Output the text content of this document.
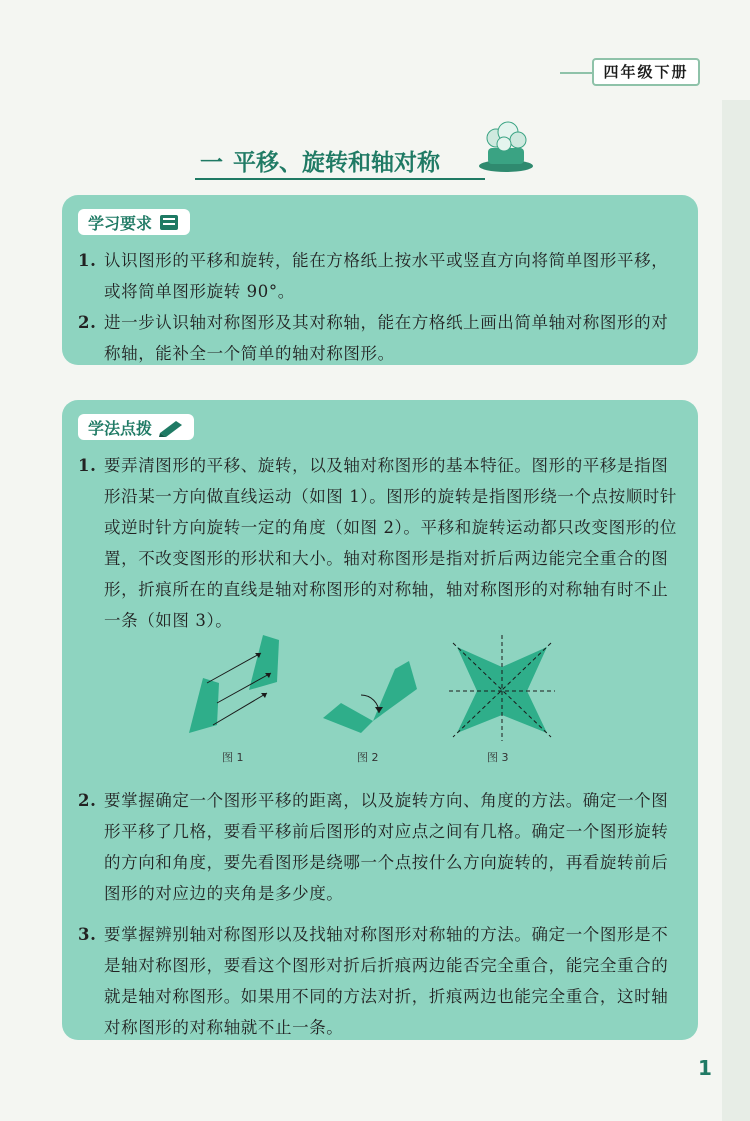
四年级下册
一 平移、旋转和轴对称
学习要求
1. 认识图形的平移和旋转，能在方格纸上按水平或竖直方向将简单图形平移，或将简单图形旋转 90°。
2. 进一步认识轴对称图形及其对称轴，能在方格纸上画出简单轴对称图形的对称轴，能补全一个简单的轴对称图形。
学法点拨
1. 要弄清图形的平移、旋转，以及轴对称图形的基本特征。图形的平移是指图形沿某一方向做直线运动（如图 1）。图形的旋转是指图形绕一个点按顺时针或逆时针方向旋转一定的角度（如图 2）。平移和旋转运动都只改变图形的位置，不改变图形的形状和大小。轴对称图形是指对折后两边能完全重合的图形，折痕所在的直线是轴对称图形的对称轴，轴对称图形的对称轴有时不止一条（如图 3）。
图 1	图 2	图 3
2. 要掌握确定一个图形平移的距离，以及旋转方向、角度的方法。确定一个图形平移了几格，要看平移前后图形的对应点之间有几格。确定一个图形旋转的方向和角度，要先看图形是绕哪一个点按什么方向旋转的，再看旋转前后图形的对应边的夹角是多少度。
3. 要掌握辨别轴对称图形以及找轴对称图形对称轴的方法。确定一个图形是不是轴对称图形，要看这个图形对折后折痕两边能否完全重合，能完全重合的就是轴对称图形。如果用不同的方法对折，折痕两边也能完全重合，这时轴对称图形的对称轴就不止一条。
1
